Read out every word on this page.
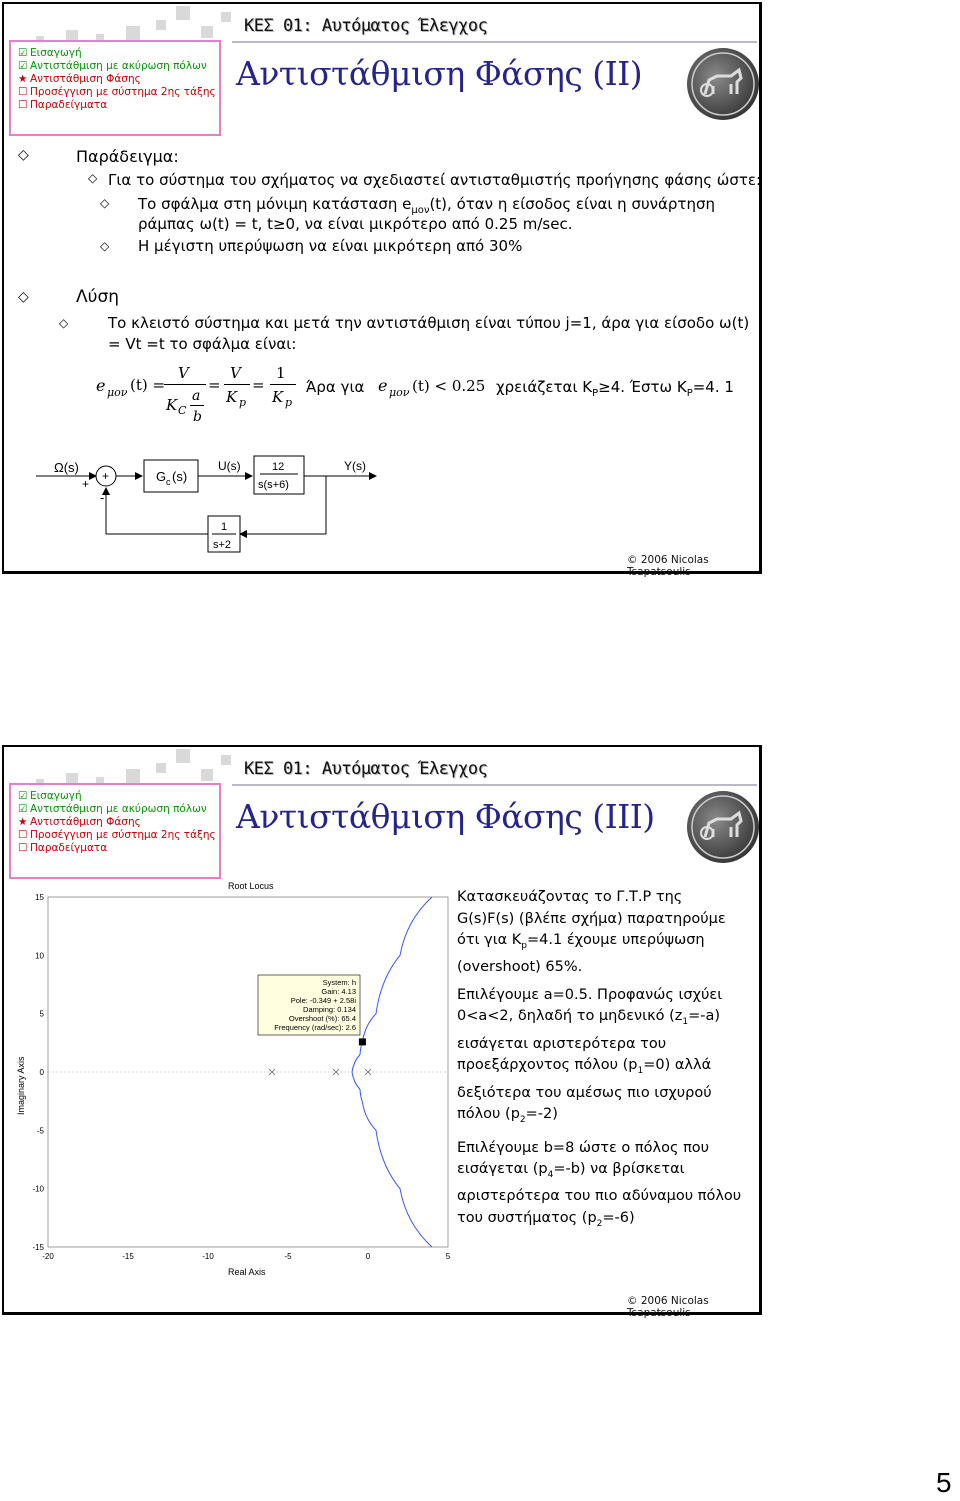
ΚΕΣ 01: Αυτόματος Έλεγχος
☑ Εισαγωγή
☑ Αντιστάθμιση με ακύρωση πόλων
★ Αντιστάθμιση Φάσης
☐ Προσέγγιση με σύστημα 2ης τάξης
☐ Παραδείγματα
Αντιστάθμιση Φάσης (ΙΙ)
◇	Παράδειγμα:
◇ Για το σύστημα του σχήματος να σχεδιαστεί αντισταθμιστής προήγησης φάσης ώστε:
◇ Το σφάλμα στη μόνιμη κατάσταση $e_{\mu o\nu}(t)$, όταν η είσοδος είναι η συνάρτηση
ράμπας ω(t) = t, t≥0, να είναι μικρότερο από 0.25 m/sec.
◇ Η μέγιστη υπερύψωση να είναι μικρότερη από 30%
◇	Λύση
◇	Το κλειστό σύστημα και μετά την αντιστάθμιση είναι τύπου j=1, άρα για είσοδο ω(t)
= Vt =t το σφάλμα είναι:
e μον (t) =
V
K C
a
b
=
V
K p
=
1
K p
Άρα για e μον (t) < 0.25 χρειάζεται $K_P\ge 4$. Έστω $K_P=4$. 1
Ω(s)
+
+
-
G c (s)
U(s)	12
s(s+6)
Y(s)
1
s+2
© 2006 Nicolas Tsapatsoulis
ΚΕΣ 01: Αυτόματος Έλεγχος
☑ Εισαγωγή
☑ Αντιστάθμιση με ακύρωση πόλων
★ Αντιστάθμιση Φάσης
☐ Προσέγγιση με σύστημα 2ης τάξης
☐ Παραδείγματα
Αντιστάθμιση Φάσης (ΙΙΙ)
Root Locus
15
10
5
0
-5
-10
-15
-20	-15	-10	-5	0	5
Real Axis
Imaginary Axis
System: h
Gain: 4.13
Pole: -0.349 + 2.58i
Damping: 0.134
Overshoot (%): 65.4
Frequency (rad/sec): 2.6
Κατασκευάζοντας το Γ.Τ.Ρ της
G(s)F(s) (βλέπε σχήμα) παρατηρούμε
ότι για $K_p=4.1$ έχουμε υπερύψωση
(overshoot) 65%.
Επιλέγουμε a=0.5. Προφανώς ισχύει
0<a<2, δηλαδή το μηδενικό $(z_1=-a)$
εισάγεται αριστερότερα του
προεξάρχοντος πόλου $(p_1=0)$ αλλά
δεξιότερα του αμέσως πιο ισχυρού
πόλου $(p_2=-2)$
Επιλέγουμε b=8 ώστε ο πόλος που
εισάγεται $(p_4=-b)$ να βρίσκεται
αριστερότερα του πιο αδύναμου πόλου
του συστήματος $(p_2=-6)$
© 2006 Nicolas Tsapatsoulis
5
